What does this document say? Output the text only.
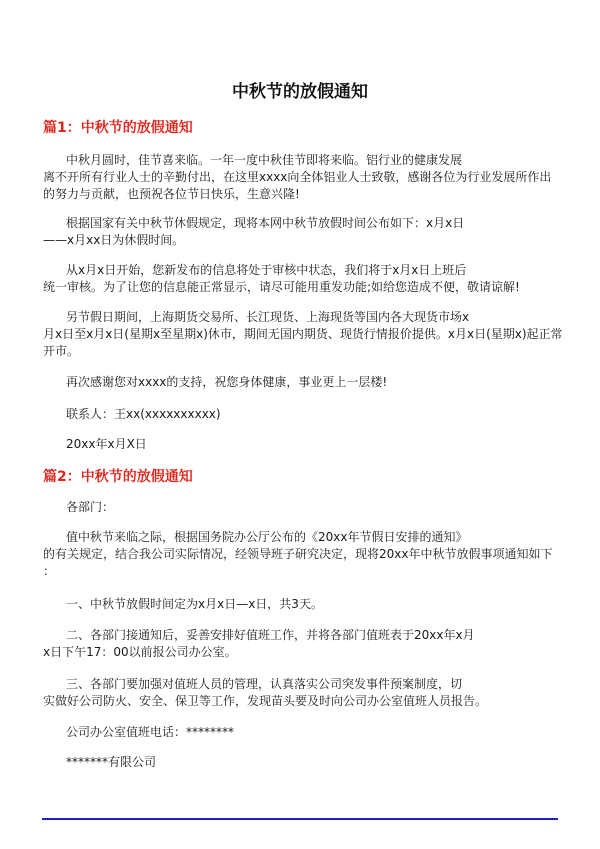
中秋节的放假通知
篇1：中秋节的放假通知
中秋月圆时，佳节喜来临。一年一度中秋佳节即将来临。铝行业的健康发展
离不开所有行业人士的辛勤付出，在这里xxxx向全体铝业人士致敬，感谢各位为行业发展所作出
的努力与贡献，也预祝各位节日快乐，生意兴隆!
根据国家有关中秋节休假规定，现将本网中秋节放假时间公布如下：x月x日
——x月xx日为休假时间。
从x月x日开始，您新发布的信息将处于审核中状态，我们将于x月x日上班后
统一审核。为了让您的信息能正常显示，请尽可能用重发功能;如给您造成不便，敬请谅解!
另节假日期间，上海期货交易所、长江现货、上海现货等国内各大现货市场x
月x日至x月x日(星期x至星期x)休市，期间无国内期货、现货行情报价提供。x月x日(星期x)起正常
开市。
再次感谢您对xxxx的支持，祝您身体健康，事业更上一层楼!
联系人：王xx(xxxxxxxxxx)
20xx年x月X日
篇2：中秋节的放假通知
各部门：
值中秋节来临之际，根据国务院办公厅公布的《20xx年节假日安排的通知》
的有关规定，结合我公司实际情况，经领导班子研究决定，现将20xx年中秋节放假事项通知如下
：
一、中秋节放假时间定为x月x日—x日，共3天。
二、各部门接通知后，妥善安排好值班工作，并将各部门值班表于20xx年x月
x日下午17：00以前报公司办公室。
三、各部门要加强对值班人员的管理，认真落实公司突发事件预案制度，切
实做好公司防火、安全、保卫等工作，发现苗头要及时向公司办公室值班人员报告。
公司办公室值班电话：********
*******有限公司
